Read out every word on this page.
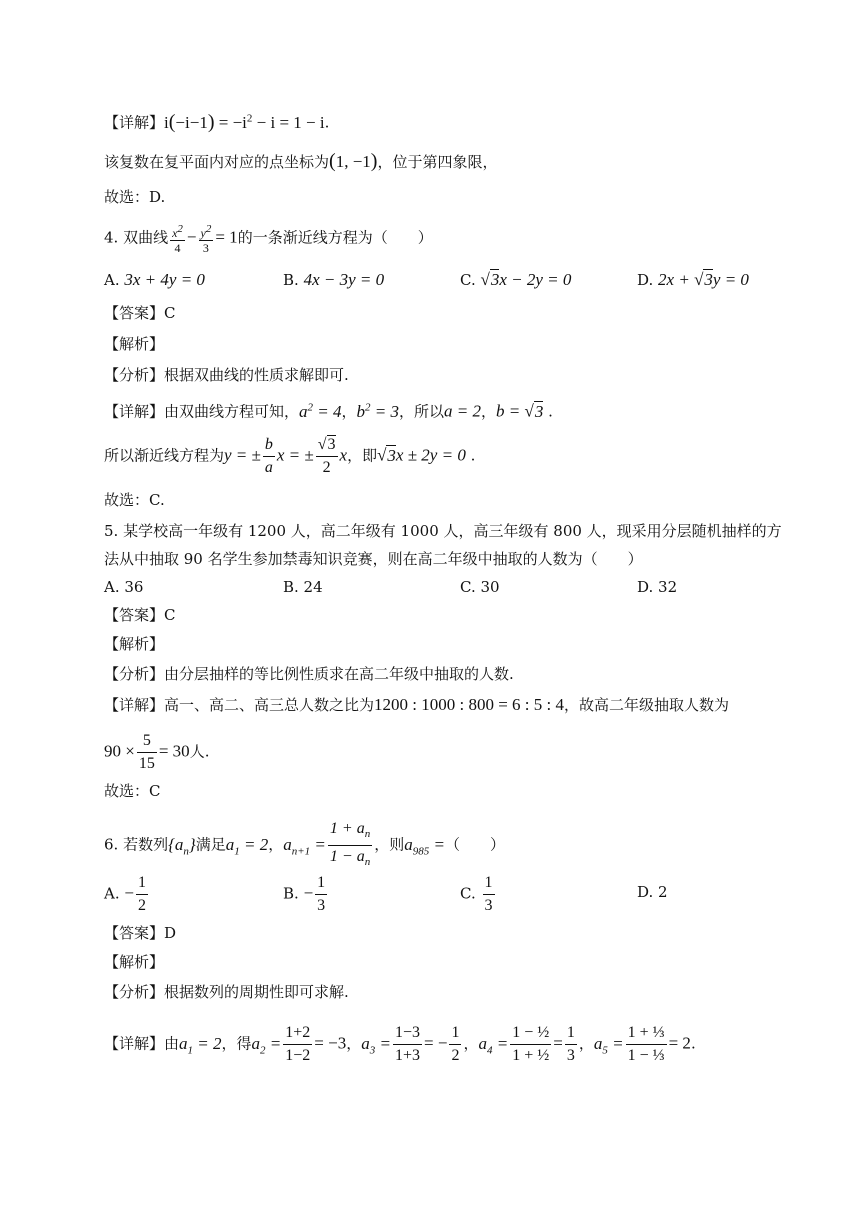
【详解】$i(-i-1) = -i^2 - i = 1 - i$.
该复数在复平面内对应的点坐标为(1, −1)，位于第四象限，
故选：D.
4. 双曲线 $\frac{x^2}{4} - \frac{y^2}{3} = 1$的一条渐近线方程为（　　）
A. 3x + 4y = 0	B. 4x − 3y = 0	C. √3x − 2y = 0	D. 2x + √3y = 0
【答案】C
【解析】
【分析】根据双曲线的性质求解即可.
【详解】由双曲线方程可知，$a^2 = 4$，$b^2 = 3$，所以a = 2，b = √3 .
所以渐近线方程为y = ± $\frac{b}{a}$ x = ± $\frac{√3}{2}$ x，即√3x ± 2y = 0 .
故选：C.
5. 某学校高一年级有 1200 人，高二年级有 1000 人，高三年级有 800 人，现采用分层随机抽样的方
法从中抽取 90 名学生参加禁毒知识竞赛，则在高二年级中抽取的人数为（　　）
A. 36	B. 24	C. 30	D. 32
【答案】C
【解析】
【分析】由分层抽样的等比例性质求在高二年级中抽取的人数.
【详解】高一、高二、高三总人数之比为1200 : 1000 : 800 = 6 : 5 : 4，故高二年级抽取人数为
$90 \times \frac{5}{15} = 30$人.
故选：C
6. 若数列$\{a_n\}$满足$a_1 = 2$，$a_{n+1} = \frac{1 + a_n}{1 - a_n}$ ，则$a_{985}$ =（　　）
A. − $\frac{1}{2}$	B. − $\frac{1}{3}$	C. $\frac{1}{3}$	D. 2
【答案】D
【解析】
【分析】根据数列的周期性即可求解.
【详解】由$a_1 = 2$，得$a_2 = \frac{1+2}{1-2} = -3$，$a_3 = \frac{1-3}{1+3}$ = − $\frac{1}{2}$ ，$a_4 = \frac{\text{1 − ½}}{\text{1 + ½}} = \frac{1}{3}$ ，$a_5 = \frac{\text{1 + ⅓}}{\text{1 − ⅓}} = 2$.
